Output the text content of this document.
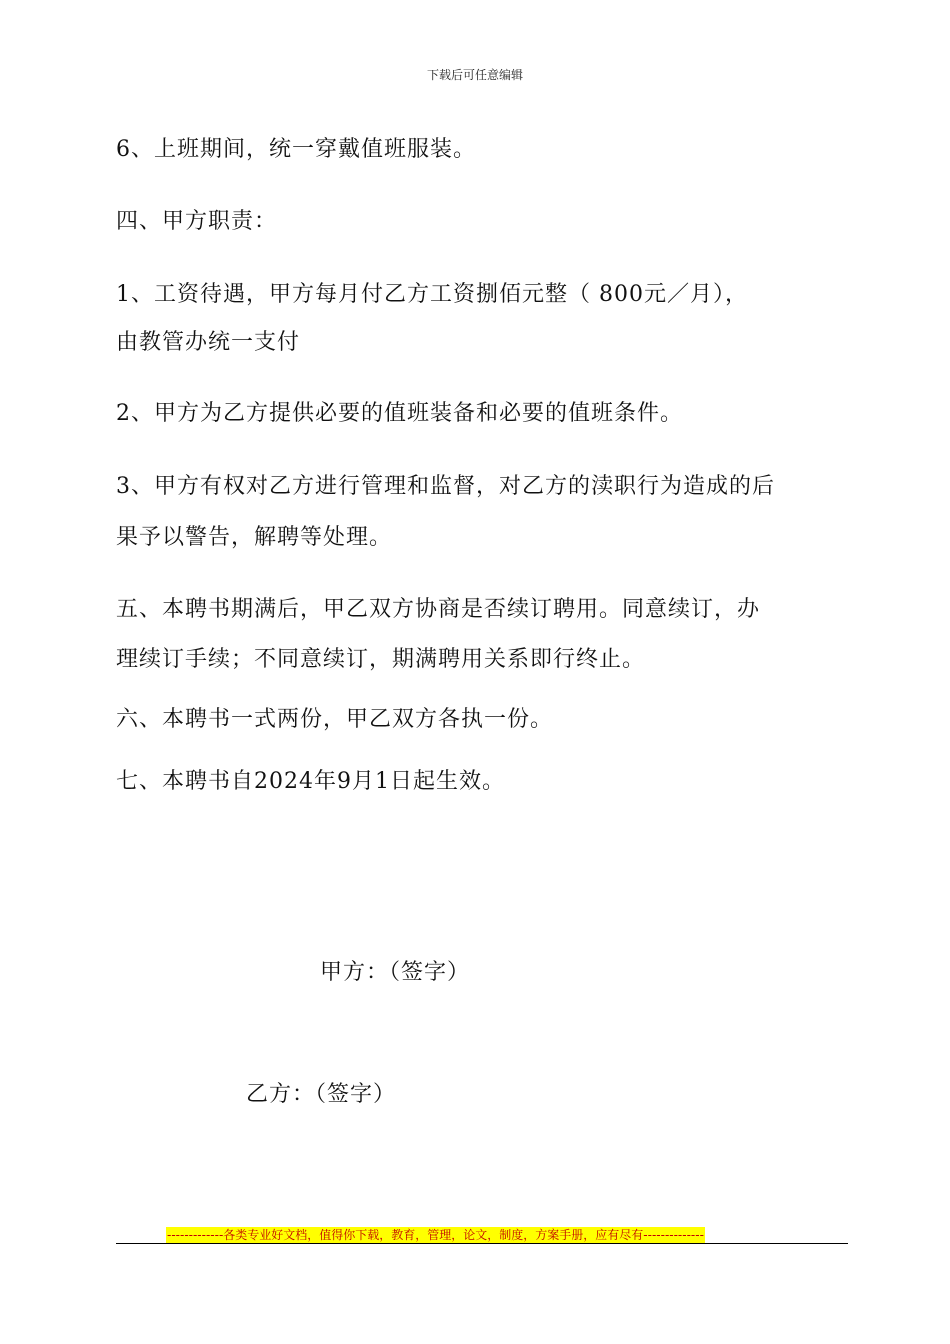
下载后可任意编辑
6、上班期间，统一穿戴值班服装。
四、甲方职责：
1、工资待遇，甲方每月付乙方工资捌佰元整（ 800元／月），
由教管办统一支付
2、甲方为乙方提供必要的值班装备和必要的值班条件。
3、甲方有权对乙方进行管理和监督，对乙方的渎职行为造成的后
果予以警告，解聘等处理。
五、本聘书期满后，甲乙双方协商是否续订聘用。同意续订，办
理续订手续；不同意续订，期满聘用关系即行终止。
六、本聘书一式两份，甲乙双方各执一份。
七、本聘书自2024年9月1日起生效。
甲方：（签字）
乙方：（签字）
-------------各类专业好文档，值得你下载，教育，管理，论文，制度，方案手册，应有尽有--------------
